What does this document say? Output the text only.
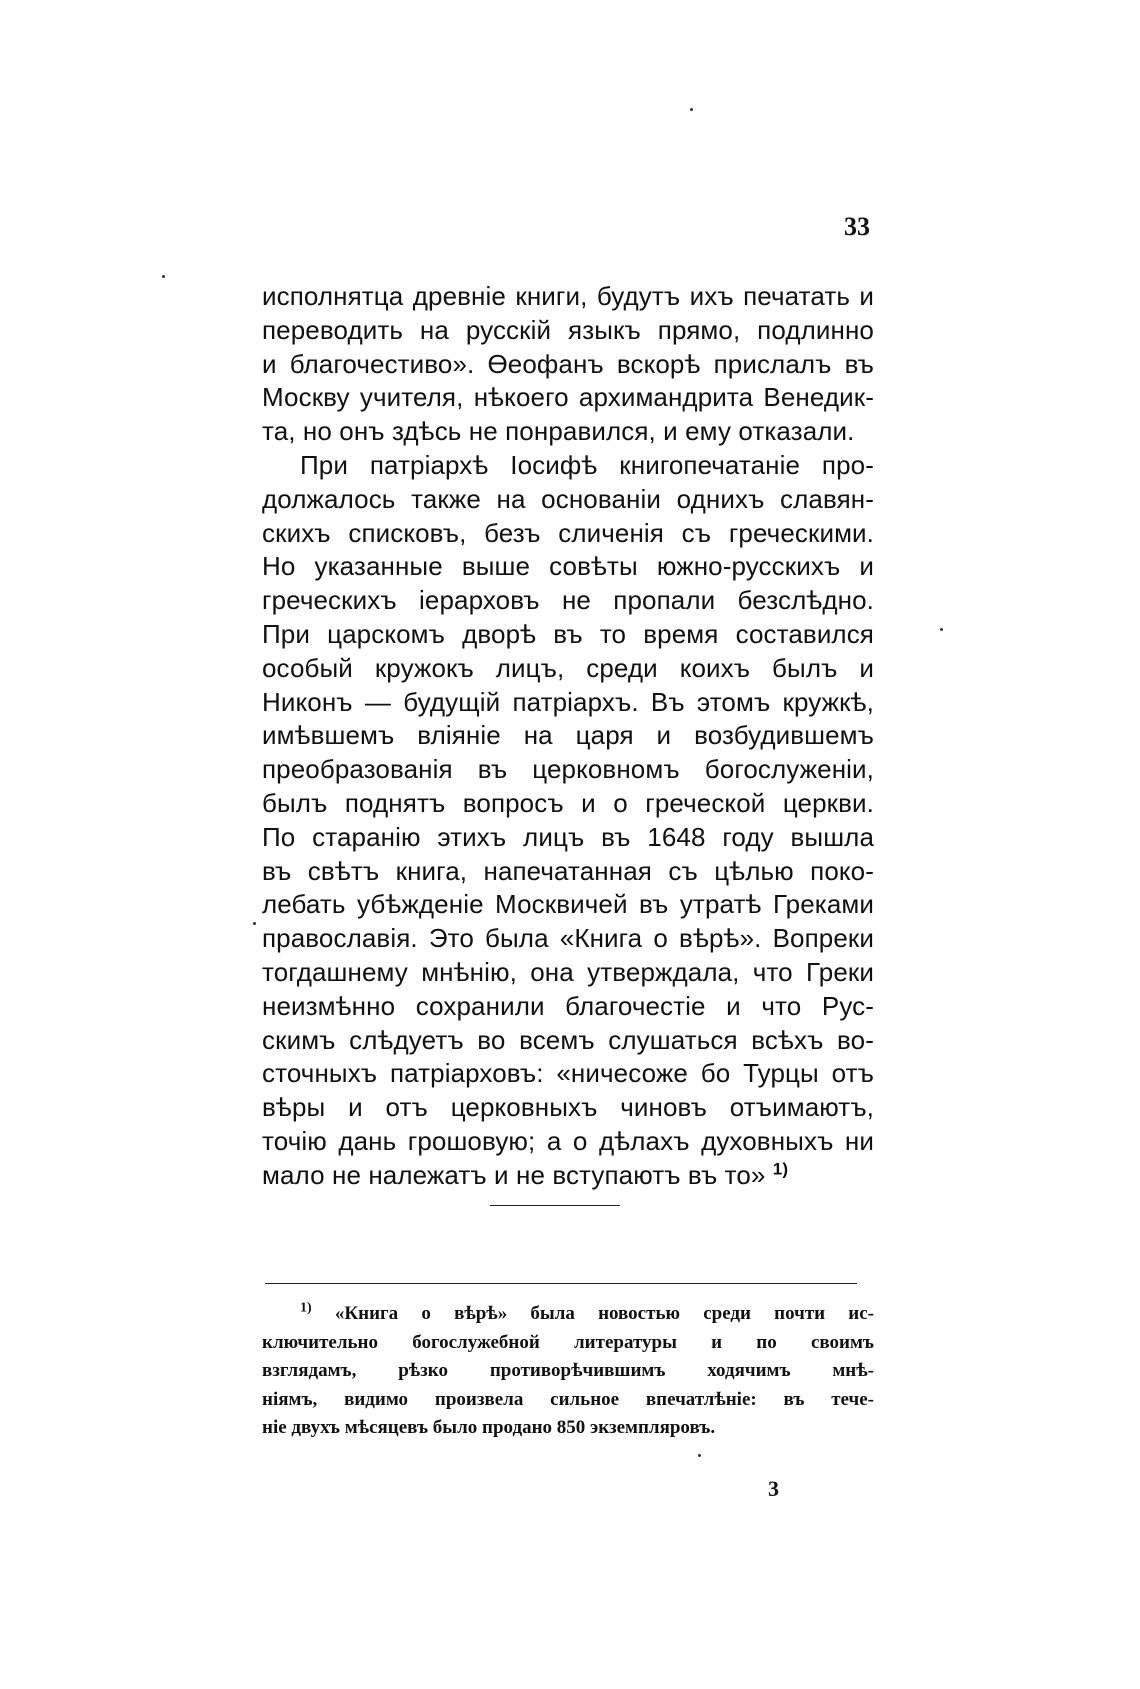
33
исполнятца древніе книги, будутъ ихъ печатать и
переводить на русскій языкъ прямо, подлинно
и благочестиво». Өеофанъ вскорѣ прислалъ въ
Москву учителя, нѣкоего архимандрита Венедик-
та, но онъ здѣсь не понравился, и ему отказали.
При патріархѣ Іосифѣ книгопечатаніе про-
должалось также на основаніи однихъ славян-
скихъ списковъ, безъ сличенія съ греческими.
Но указанные выше совѣты южно-русскихъ и
греческихъ іерарховъ не пропали безслѣдно.
При царскомъ дворѣ въ то время составился
особый кружокъ лицъ, среди коихъ былъ и
Никонъ — будущій патріархъ. Въ этомъ кружкѣ,
имѣвшемъ вліяніе на царя и возбудившемъ
преобразованія въ церковномъ богослуженіи,
былъ поднятъ вопросъ и о греческой церкви.
По старанію этихъ лицъ въ 1648 году вышла
въ свѣтъ книга, напечатанная съ цѣлью поко-
лебать убѣжденіе Москвичей въ утратѣ Греками
православія. Это была «Книга о вѣрѣ». Вопреки
тогдашнему мнѣнію, она утверждала, что Греки
неизмѣнно сохранили благочестіе и что Рус-
скимъ слѣдуетъ во всемъ слушаться всѣхъ во-
сточныхъ патріарховъ: «ничесоже бо Турцы отъ
вѣры и отъ церковныхъ чиновъ отъимаютъ,
точію дань грошовую; а о дѣлахъ духовныхъ ни
мало не належатъ и не вступаютъ въ то» $^{1)}$
$^{1)}$ «Книга о вѣрѣ» была новостью среди почти ис-
ключительно богослужебной литературы и по своимъ
взглядамъ, рѣзко противорѣчившимъ ходячимъ мнѣ-
ніямъ, видимо произвела сильное впечатлѣніе: въ тече-
ніе двухъ мѣсяцевъ было продано 850 экземпляровъ.
3
